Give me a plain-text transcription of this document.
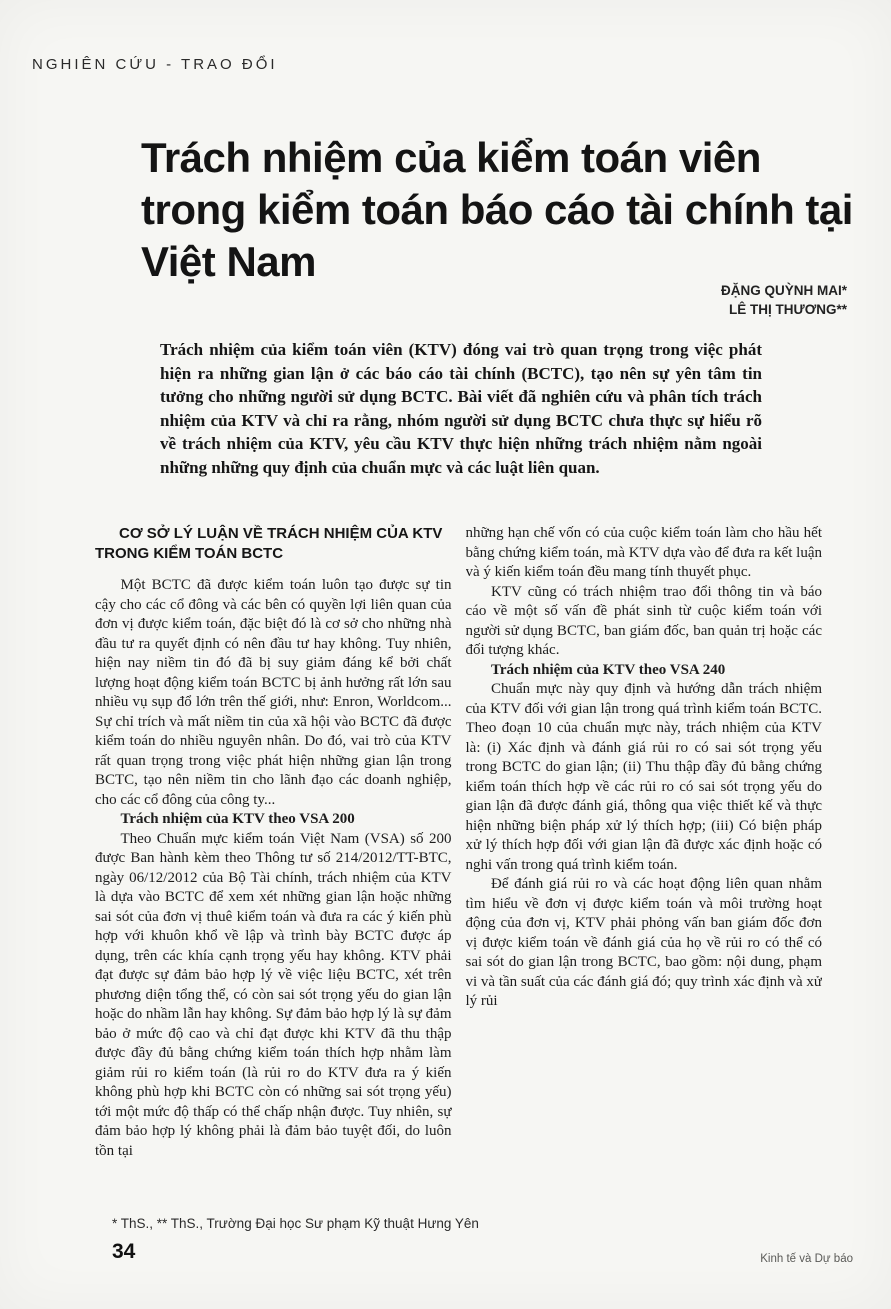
NGHIÊN CỨU - TRAO ĐỔI
Trách nhiệm của kiểm toán viên trong kiểm toán báo cáo tài chính tại Việt Nam
ĐẶNG QUỲNH MAI*
LÊ THỊ THƯƠNG**
Trách nhiệm của kiểm toán viên (KTV) đóng vai trò quan trọng trong việc phát hiện ra những gian lận ở các báo cáo tài chính (BCTC), tạo nên sự yên tâm tin tưởng cho những người sử dụng BCTC. Bài viết đã nghiên cứu và phân tích trách nhiệm của KTV và chỉ ra rằng, nhóm người sử dụng BCTC chưa thực sự hiểu rõ về trách nhiệm của KTV, yêu cầu KTV thực hiện những trách nhiệm nằm ngoài những những quy định của chuẩn mực và các luật liên quan.
CƠ SỞ LÝ LUẬN VỀ TRÁCH NHIỆM CỦA KTV TRONG KIỂM TOÁN BCTC
Một BCTC đã được kiểm toán luôn tạo được sự tin cậy cho các cổ đông và các bên có quyền lợi liên quan của đơn vị được kiểm toán, đặc biệt đó là cơ sở cho những nhà đầu tư ra quyết định có nên đầu tư hay không. Tuy nhiên, hiện nay niềm tin đó đã bị suy giảm đáng kể bởi chất lượng hoạt động kiểm toán BCTC bị ảnh hưởng rất lớn sau nhiều vụ sụp đổ lớn trên thế giới, như: Enron, Worldcom... Sự chỉ trích và mất niềm tin của xã hội vào BCTC đã được kiểm toán do nhiều nguyên nhân. Do đó, vai trò của KTV rất quan trọng trong việc phát hiện những gian lận trong BCTC, tạo nên niềm tin cho lãnh đạo các doanh nghiệp, cho các cổ đông của công ty...
Trách nhiệm của KTV theo VSA 200
Theo Chuẩn mực kiểm toán Việt Nam (VSA) số 200 được Ban hành kèm theo Thông tư số 214/2012/TT-BTC, ngày 06/12/2012 của Bộ Tài chính, trách nhiệm của KTV là dựa vào BCTC để xem xét những gian lận hoặc những sai sót của đơn vị thuê kiểm toán và đưa ra các ý kiến phù hợp với khuôn khổ về lập và trình bày BCTC được áp dụng, trên các khía cạnh trọng yếu hay không. KTV phải đạt được sự đảm bảo hợp lý về việc liệu BCTC, xét trên phương diện tổng thể, có còn sai sót trọng yếu do gian lận hoặc do nhầm lẫn hay không. Sự đảm bảo hợp lý là sự đảm bảo ở mức độ cao và chỉ đạt được khi KTV đã thu thập được đầy đủ bằng chứng kiểm toán thích hợp nhằm làm giảm rủi ro kiểm toán (là rủi ro do KTV đưa ra ý kiến không phù hợp khi BCTC còn có những sai sót trọng yếu) tới một mức độ thấp có thể chấp nhận được. Tuy nhiên, sự đảm bảo hợp lý không phải là đảm bảo tuyệt đối, do luôn tồn tại
những hạn chế vốn có của cuộc kiểm toán làm cho hầu hết bằng chứng kiểm toán, mà KTV dựa vào để đưa ra kết luận và ý kiến kiểm toán đều mang tính thuyết phục.
KTV cũng có trách nhiệm trao đổi thông tin và báo cáo về một số vấn đề phát sinh từ cuộc kiểm toán với người sử dụng BCTC, ban giám đốc, ban quản trị hoặc các đối tượng khác.
Trách nhiệm của KTV theo VSA 240
Chuẩn mực này quy định và hướng dẫn trách nhiệm của KTV đối với gian lận trong quá trình kiểm toán BCTC. Theo đoạn 10 của chuẩn mực này, trách nhiệm của KTV là: (i) Xác định và đánh giá rủi ro có sai sót trọng yếu trong BCTC do gian lận; (ii) Thu thập đầy đủ bằng chứng kiểm toán thích hợp về các rủi ro có sai sót trọng yếu do gian lận đã được đánh giá, thông qua việc thiết kế và thực hiện những biện pháp xử lý thích hợp; (iii) Có biện pháp xử lý thích hợp đối với gian lận đã được xác định hoặc có nghi vấn trong quá trình kiểm toán.
Để đánh giá rủi ro và các hoạt động liên quan nhằm tìm hiểu về đơn vị được kiểm toán và môi trường hoạt động của đơn vị, KTV phải phỏng vấn ban giám đốc đơn vị được kiểm toán về đánh giá của họ về rủi ro có thể có sai sót do gian lận trong BCTC, bao gồm: nội dung, phạm vi và tần suất của các đánh giá đó; quy trình xác định và xử lý rủi
* ThS., ** ThS., Trường Đại học Sư phạm Kỹ thuật Hưng Yên
34	Kinh tế và Dự báo
